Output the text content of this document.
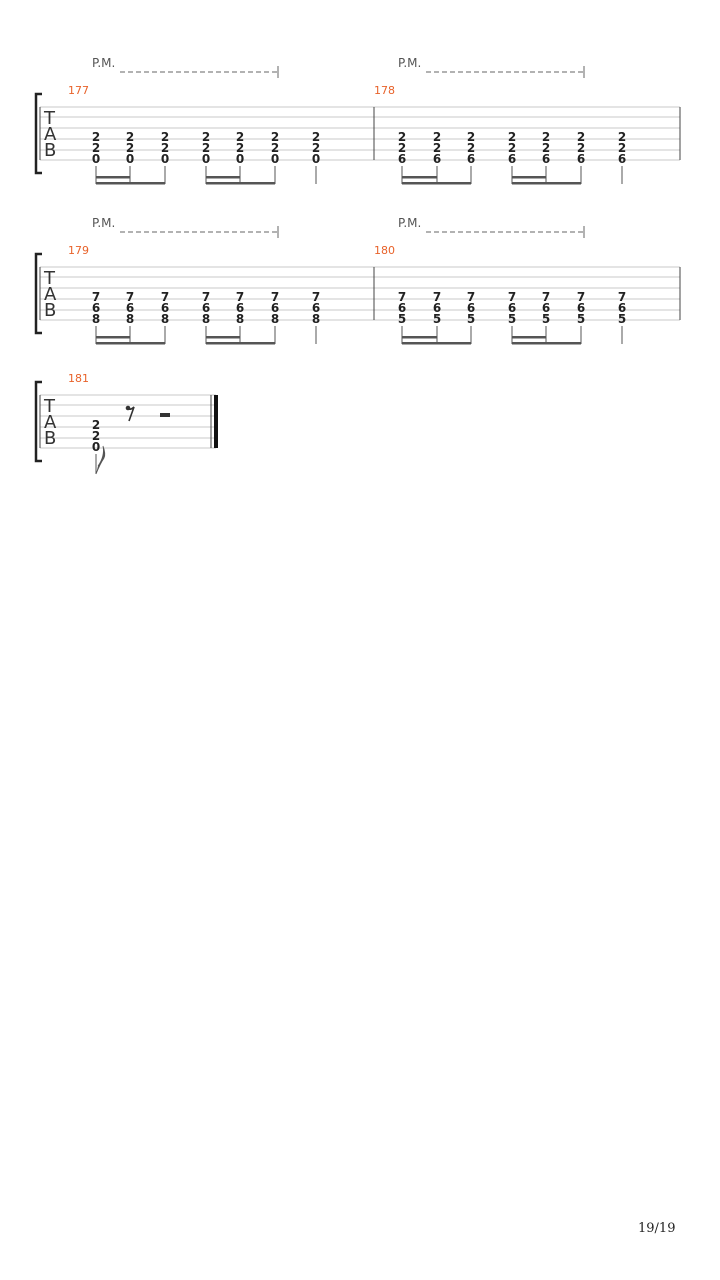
P.M.	P.M.
T
A
B
177	178
2
2
0
2
2
0
2
2
0
2
2
0
2
2
0
2
2
0
2
2
0
2
2
6
2
2
6
2
2
6
2
2
6
2
2
6
2
2
6
2
2
6
P.M.	P.M.
T
A
B
179	180
7
6
8
7
6
8
7
6
8
7
6
8
7
6
8
7
6
8
7
6
8
7
6
5
7
6
5
7
6
5
7
6
5
7
6
5
7
6
5
7
6
5
T
A
B
181
2
2
0
19/19
